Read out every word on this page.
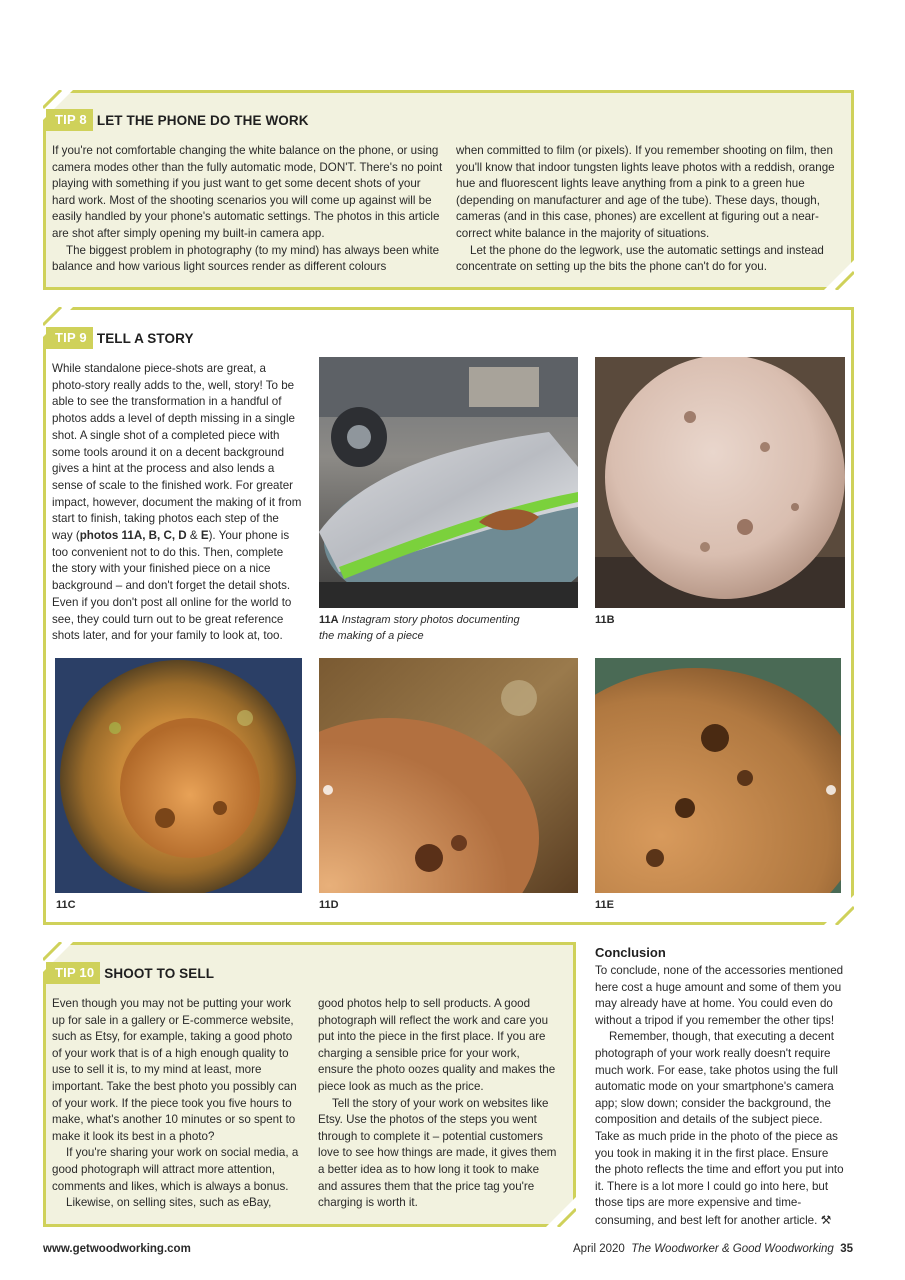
TIP 8 LET THE PHONE DO THE WORK

If you're not comfortable changing the white balance on the phone, or using camera modes other than the fully automatic mode, DON'T. There's no point playing with something if you just want to get some decent shots of your hard work. Most of the shooting scenarios you will come up against will be easily handled by your phone's automatic settings. The photos in this article are shot after simply opening my built-in camera app.

The biggest problem in photography (to my mind) has always been white balance and how various light sources render as different colours

when committed to film (or pixels). If you remember shooting on film, then you'll know that indoor tungsten lights leave photos with a reddish, orange hue and fluorescent lights leave anything from a pink to a green hue (depending on manufacturer and age of the tube). These days, though, cameras (and in this case, phones) are excellent at figuring out a near-correct white balance in the majority of situations.

Let the phone do the legwork, use the automatic settings and instead concentrate on setting up the bits the phone can't do for you.

TIP 9 TELL A STORY

While standalone piece-shots are great, a photo-story really adds to the, well, story! To be able to see the transformation in a handful of photos adds a level of depth missing in a single shot. A single shot of a completed piece with some tools around it on a decent background gives a hint at the process and also lends a sense of scale to the finished work. For greater impact, however, document the making of it from start to finish, taking photos each step of the way (photos 11A, B, C, D & E). Your phone is too convenient not to do this. Then, complete the story with your finished piece on a nice background – and don't forget the detail shots. Even if you don't post all online for the world to see, they could turn out to be great reference shots later, and for your family to look at, too.

11A Instagram story photos documenting the making of a piece
11B
11C	11D	11E
TIP 10 SHOOT TO SELL

Even though you may not be putting your work up for sale in a gallery or E-commerce website, such as Etsy, for example, taking a good photo of your work that is of a high enough quality to use to sell it is, to my mind at least, more important. Take the best photo you possibly can of your work. If the piece took you five hours to make, what's another 10 minutes or so spent to make it look its best in a photo?

If you're sharing your work on social media, a good photograph will attract more attention, comments and likes, which is always a bonus.

Likewise, on selling sites, such as eBay,

good photos help to sell products. A good photograph will reflect the work and care you put into the piece in the first place. If you are charging a sensible price for your work, ensure the photo oozes quality and makes the piece look as much as the price.

Tell the story of your work on websites like Etsy. Use the photos of the steps you went through to complete it – potential customers love to see how things are made, it gives them a better idea as to how long it took to make and assures them that the price tag you're charging is worth it.

Conclusion

To conclude, none of the accessories mentioned here cost a huge amount and some of them you may already have at home. You could even do without a tripod if you remember the other tips!

Remember, though, that executing a decent photograph of your work really doesn't require much work. For ease, take photos using the full automatic mode on your smartphone's camera app; slow down; consider the background, the composition and details of the subject piece. Take as much pride in the photo of the piece as you took in making it in the first place. Ensure the photo reflects the time and effort you put into it. There is a lot more I could go into here, but those tips are more expensive and time-consuming, and best left for another article. ⚒

www.getwoodworking.com	April 2020 The Woodworker & Good Woodworking 35
